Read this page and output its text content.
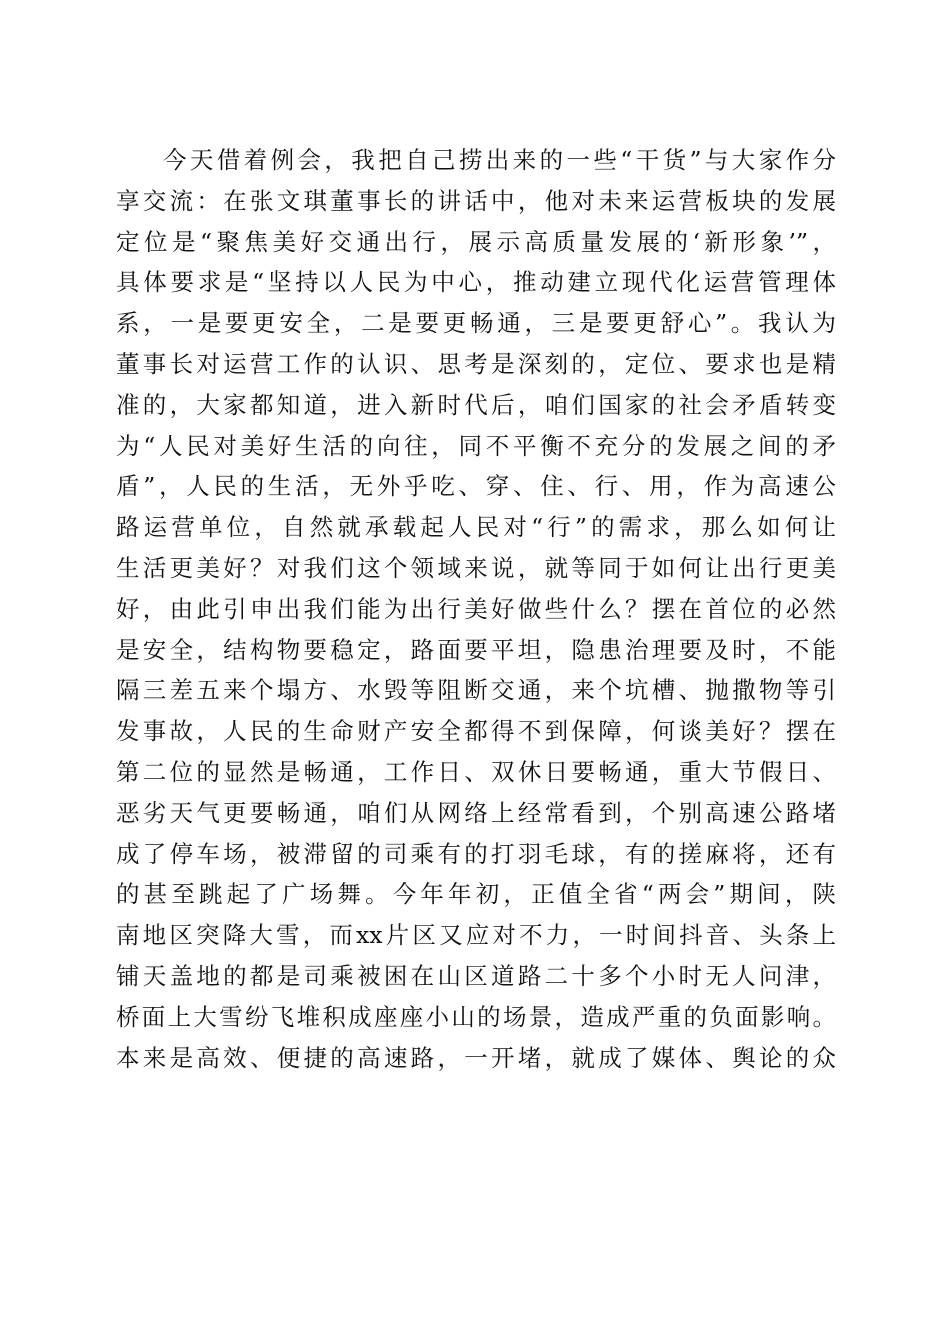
今天借着例会，我把自己捞出来的一些“干货”与大家作分
享交流：在张文琪董事长的讲话中，他对未来运营板块的发展
定位是“聚焦美好交通出行，展示高质量发展的‘新形象’”，
具体要求是“坚持以人民为中心，推动建立现代化运营管理体
系，一是要更安全，二是要更畅通，三是要更舒心”。我认为
董事长对运营工作的认识、思考是深刻的，定位、要求也是精
准的，大家都知道，进入新时代后，咱们国家的社会矛盾转变
为“人民对美好生活的向往，同不平衡不充分的发展之间的矛
盾”，人民的生活，无外乎吃、穿、住、行、用，作为高速公
路运营单位，自然就承载起人民对“行”的需求，那么如何让
生活更美好？对我们这个领域来说，就等同于如何让出行更美
好，由此引申出我们能为出行美好做些什么？摆在首位的必然
是安全，结构物要稳定，路面要平坦，隐患治理要及时，不能
隔三差五来个塌方、水毁等阻断交通，来个坑槽、抛撒物等引
发事故，人民的生命财产安全都得不到保障，何谈美好？摆在
第二位的显然是畅通，工作日、双休日要畅通，重大节假日、
恶劣天气更要畅通，咱们从网络上经常看到，个别高速公路堵
成了停车场，被滞留的司乘有的打羽毛球，有的搓麻将，还有
的甚至跳起了广场舞。今年年初，正值全省“两会”期间，陕
南地区突降大雪，而xx片区又应对不力，一时间抖音、头条上
铺天盖地的都是司乘被困在山区道路二十多个小时无人问津，
桥面上大雪纷飞堆积成座座小山的场景，造成严重的负面影响。
本来是高效、便捷的高速路，一开堵，就成了媒体、舆论的众
